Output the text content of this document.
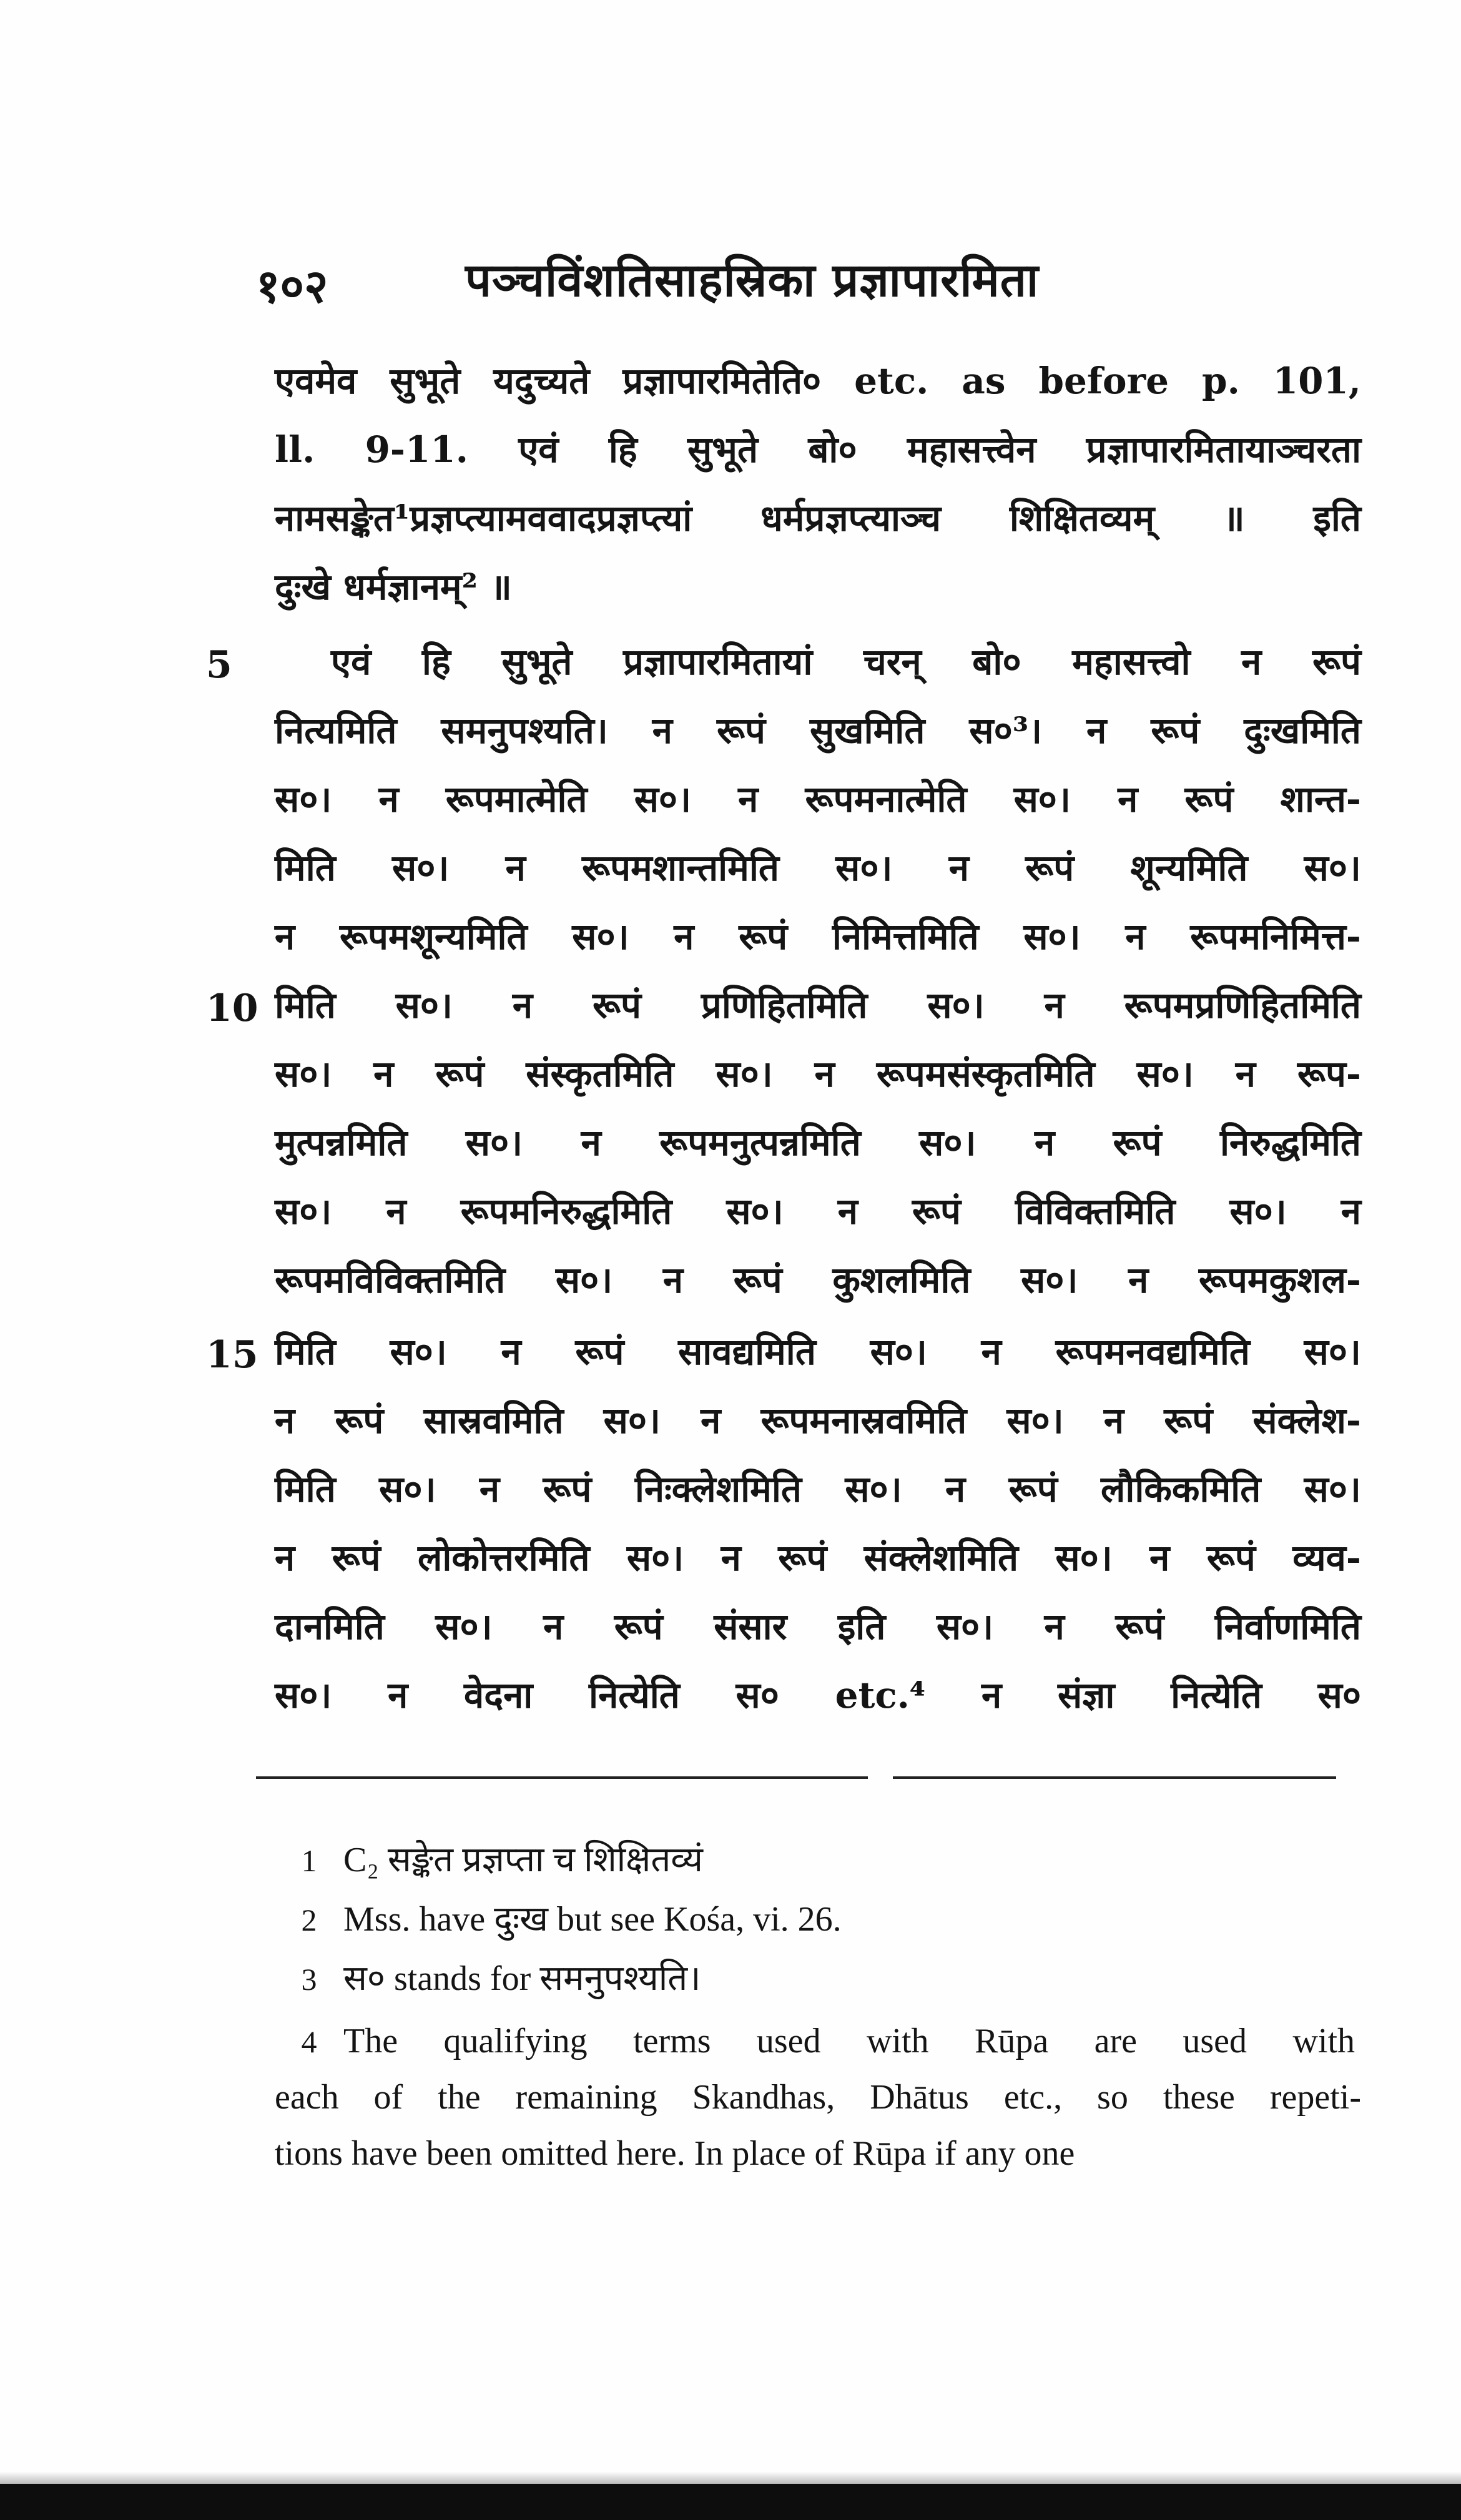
१०२	पञ्चविंशतिसाहस्रिका प्रज्ञापारमिता
5
10
15
एवमेव सुभूते यदुच्यते प्रज्ञापारमितेति० etc. as before p. 101,
ll. 9-11. एवं हि सुभूते बो० महासत्त्वेन प्रज्ञापारमितायाञ्चरता
नामसङ्केत¹प्रज्ञप्त्यामववादप्रज्ञप्त्यां धर्मप्रज्ञप्त्याञ्च शिक्षितव्यम् ॥ इति
दुःखे धर्मज्ञानम्² ॥
एवं हि सुभूते प्रज्ञापारमितायां चरन् बो० महासत्त्वो न रूपं
नित्यमिति समनुपश्यति। न रूपं सुखमिति स०³। न रूपं दुःखमिति
स०। न रूपमात्मेति स०। न रूपमनात्मेति स०। न रूपं शान्त-
मिति स०। न रूपमशान्तमिति स०। न रूपं शून्यमिति स०।
न रूपमशून्यमिति स०। न रूपं निमित्तमिति स०। न रूपमनिमित्त-
मिति स०। न रूपं प्रणिहितमिति स०। न रूपमप्रणिहितमिति
स०। न रूपं संस्कृतमिति स०। न रूपमसंस्कृतमिति स०। न रूप-
मुत्पन्नमिति स०। न रूपमनुत्पन्नमिति स०। न रूपं निरुद्धमिति
स०। न रूपमनिरुद्धमिति स०। न रूपं विविक्तमिति स०। न
रूपमविविक्तमिति स०। न रूपं कुशलमिति स०। न रूपमकुशल-
मिति स०। न रूपं सावद्यमिति स०। न रूपमनवद्यमिति स०।
न रूपं सास्रवमिति स०। न रूपमनास्रवमिति स०। न रूपं संक्लेश-
मिति स०। न रूपं निःक्लेशमिति स०। न रूपं लौकिकमिति स०।
न रूपं लोकोत्तरमिति स०। न रूपं संक्लेशमिति स०। न रूपं व्यव-
दानमिति स०। न रूपं संसार इति स०। न रूपं निर्वाणमिति
स०। न वेदना नित्येति स० etc.⁴ न संज्ञा नित्येति स०
1 C₂ सङ्केत प्रज्ञप्ता च शिक्षितव्यं
2 Mss. have दुःख but see Kośa, vi. 26.
3 स० stands for समनुपश्यति।
4 The qualifying terms used with Rūpa are used with
each of the remaining Skandhas, Dhātus etc., so these repeti-
tions have been omitted here. In place of Rūpa if any one
